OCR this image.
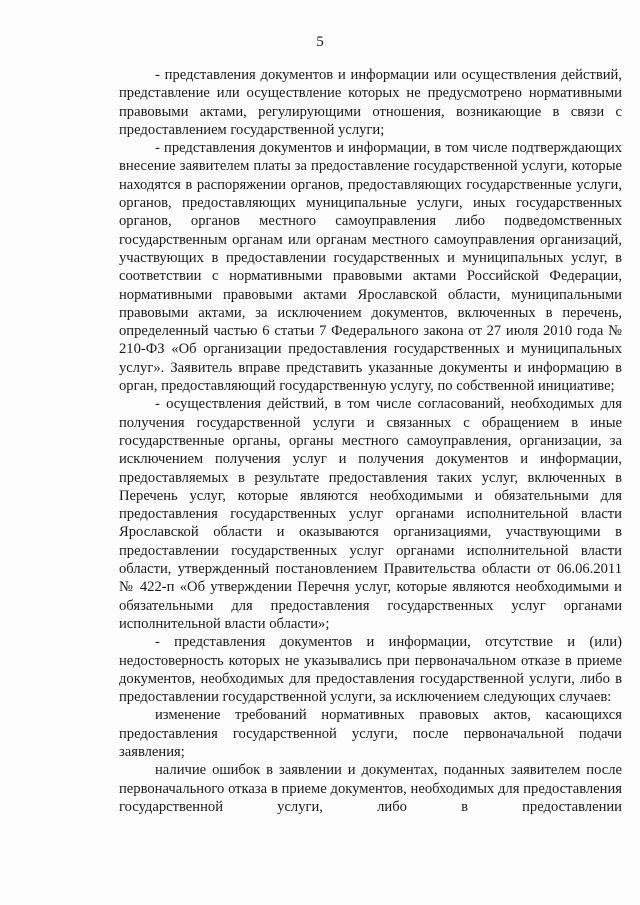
5

- представления документов и информации или осуществления действий, представление или осуществление которых не предусмотрено нормативными правовыми актами, регулирующими отношения, возникающие в связи с предоставлением государственной услуги;

- представления документов и информации, в том числе подтверждающих внесение заявителем платы за предоставление государственной услуги, которые находятся в распоряжении органов, предоставляющих государственные услуги, органов, предоставляющих муниципальные услуги, иных государственных органов, органов местного самоуправления либо подведомственных государственным органам или органам местного самоуправления организаций, участвующих в предоставлении государственных и муниципальных услуг, в соответствии с нормативными правовыми актами Российской Федерации, нормативными правовыми актами Ярославской области, муниципальными правовыми актами, за исключением документов, включенных в перечень, определенный частью 6 статьи 7 Федерального закона от 27 июля 2010 года № 210-ФЗ «Об организации предоставления государственных и муниципальных услуг». Заявитель вправе представить указанные документы и информацию в орган, предоставляющий государственную услугу, по собственной инициативе;

- осуществления действий, в том числе согласований, необходимых для получения государственной услуги и связанных с обращением в иные государственные органы, органы местного самоуправления, организации, за исключением получения услуг и получения документов и информации, предоставляемых в результате предоставления таких услуг, включенных в Перечень услуг, которые являются необходимыми и обязательными для предоставления государственных услуг органами исполнительной власти Ярославской области и оказываются организациями, участвующими в предоставлении государственных услуг органами исполнительной власти области, утвержденный постановлением Правительства области от 06.06.2011 № 422-п «Об утверждении Перечня услуг, которые являются необходимыми и обязательными для предоставления государственных услуг органами исполнительной власти области»;

- представления документов и информации, отсутствие и (или) недостоверность которых не указывались при первоначальном отказе в приеме документов, необходимых для предоставления государственной услуги, либо в предоставлении государственной услуги, за исключением следующих случаев:

изменение требований нормативных правовых актов, касающихся предоставления государственной услуги, после первоначальной подачи заявления;

наличие ошибок в заявлении и документах, поданных заявителем после первоначального отказа в приеме документов, необходимых для предоставления государственной услуги, либо в предоставлении
